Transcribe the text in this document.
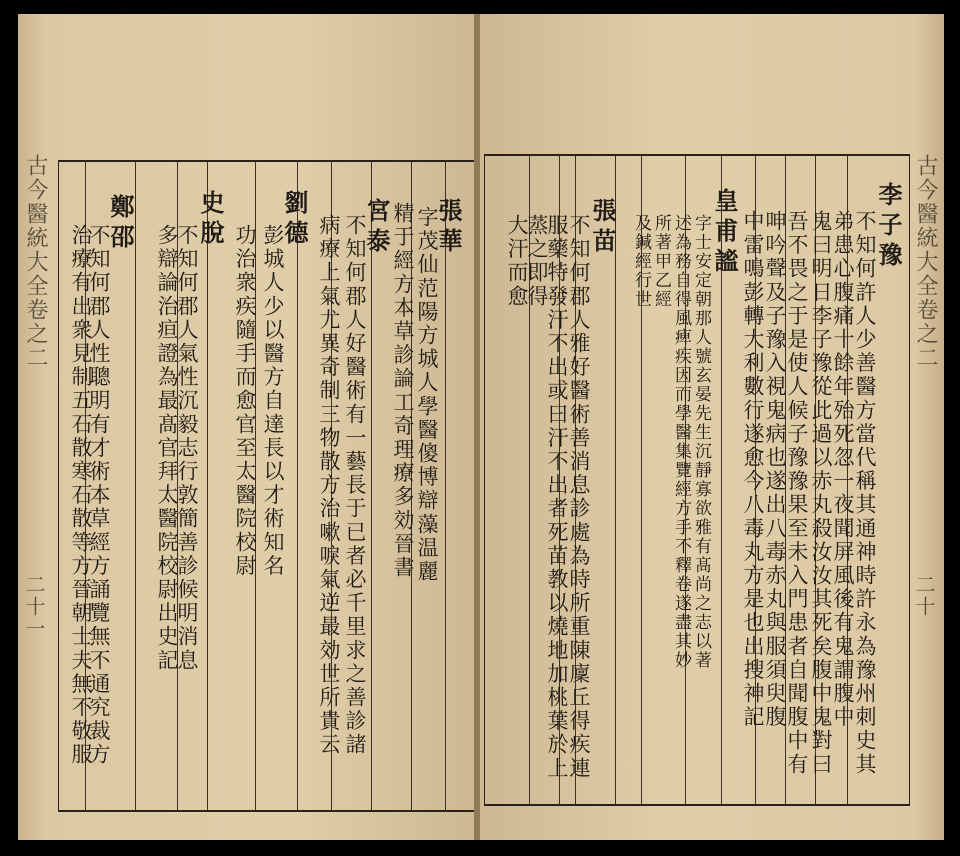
古今醫統大全卷之二
二十一
張華
字茂仙范陽方城人學醫傻博辯藻温麗
精于經方本草診論工奇理療多効晉書
宮泰
不知何郡人好醫術有一藝長于已者必千里求之善診諸
病療上氣尤異奇制三物散方治嗽唳氣逆最効世所貴云
劉德
彭城人少以醫方自達長以才術知名
功治衆疾隨手而愈官至太醫院校尉
史脫
不知何郡人氣性沉毅志行敦簡善診候明消息
多辯論治疸證為最髙官拜太醫院校尉出史記
鄭邵
不知何郡人性聰明有才術本草經方誦覽無不通究裁方
治療有出衆見制五石散寒石散等方晉朝士夫無不敬服	古今醫統大全卷之二
二十
李子豫
不知何許人少善醫方當代稱其通神時許永為豫州刺史其
弟患心腹痛十餘年殆死忽一夜聞屏風後有鬼謂腹中
鬼曰明日李子豫從此過以赤丸殺汝汝其死矣腹中鬼對曰
吾不畏之于是使人候子豫豫果至未入門患者自聞腹中有
呻吟聲及子豫入視鬼病也遂出八毒赤丸與服須臾腹
中雷鳴彭轉大利數行遂愈今八毒丸方是也出搜神記
皇甫謐
字士安定朝那人號玄晏先生沉靜寡欲雅有髙尚之志以著
述為務自得風痺疾因而學醫集覽經方手不釋卷遂盡其妙
所著甲乙經
及鍼經行世
張苗
不知何郡人雅好醫術善消息診處為時所重陳廩丘得疾連
服藥特發汗不出或曰汗不出者死苗教以燒地加桃葉於上
蒸之即得
大汗而愈
